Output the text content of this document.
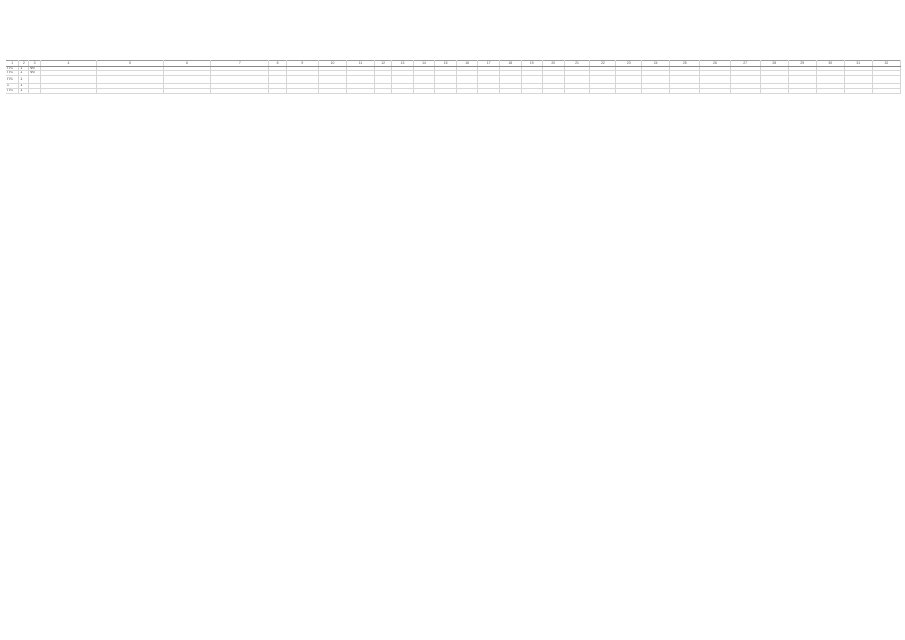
1	2	3	4	5	6	7	8	9	10	11	12	13	14	15	16	17	18	19	20	21	22	23	24	25	26	27	28	29	30	31	32
ГУ1	1	ФЗ																													
ГУ1	1	ФЗ																													
ГУ1	1																														
1	1																														
ГУ1	1																														
